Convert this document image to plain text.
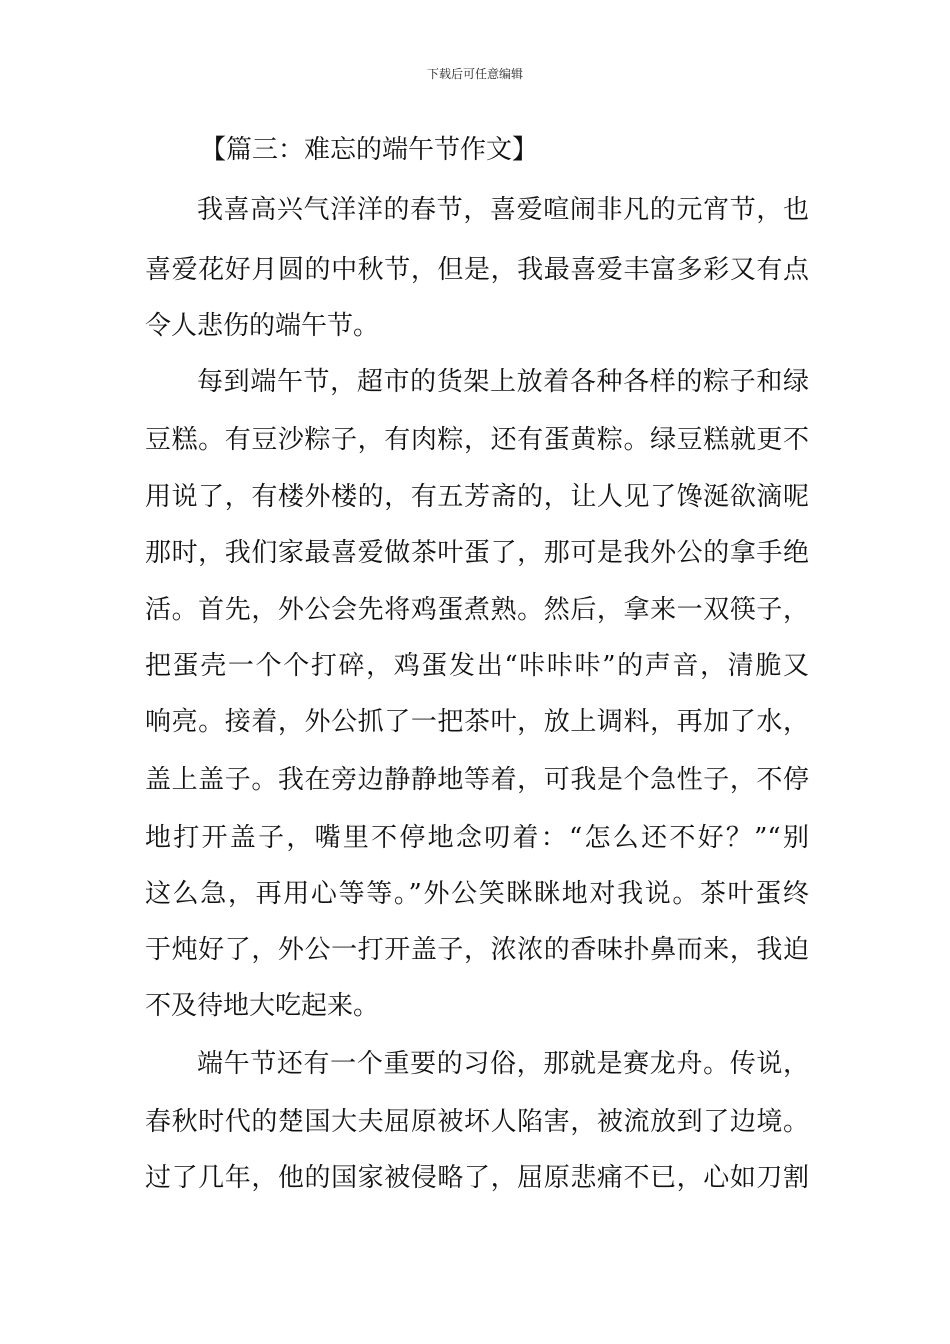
下载后可任意编辑
【篇三：难忘的端午节作文】
我喜高兴气洋洋的春节，喜爱喧闹非凡的元宵节，也
喜爱花好月圆的中秋节，但是，我最喜爱丰富多彩又有点
令人悲伤的端午节。
每到端午节，超市的货架上放着各种各样的粽子和绿
豆糕。有豆沙粽子，有肉粽，还有蛋黄粽。绿豆糕就更不
用说了，有楼外楼的，有五芳斋的，让人见了馋涎欲滴呢
那时，我们家最喜爱做茶叶蛋了，那可是我外公的拿手绝
活。首先，外公会先将鸡蛋煮熟。然后，拿来一双筷子，
把蛋壳一个个打碎，鸡蛋发出“咔咔咔”的声音，清脆又
响亮。接着，外公抓了一把茶叶，放上调料，再加了水，
盖上盖子。我在旁边静静地等着，可我是个急性子，不停
地打开盖子，嘴里不停地念叨着：“怎么还不好？”“别
这么急，再用心等等。”外公笑眯眯地对我说。茶叶蛋终
于炖好了，外公一打开盖子，浓浓的香味扑鼻而来，我迫
不及待地大吃起来。
端午节还有一个重要的习俗，那就是赛龙舟。传说，
春秋时代的楚国大夫屈原被坏人陷害，被流放到了边境。
过了几年，他的国家被侵略了，屈原悲痛不已，心如刀割
